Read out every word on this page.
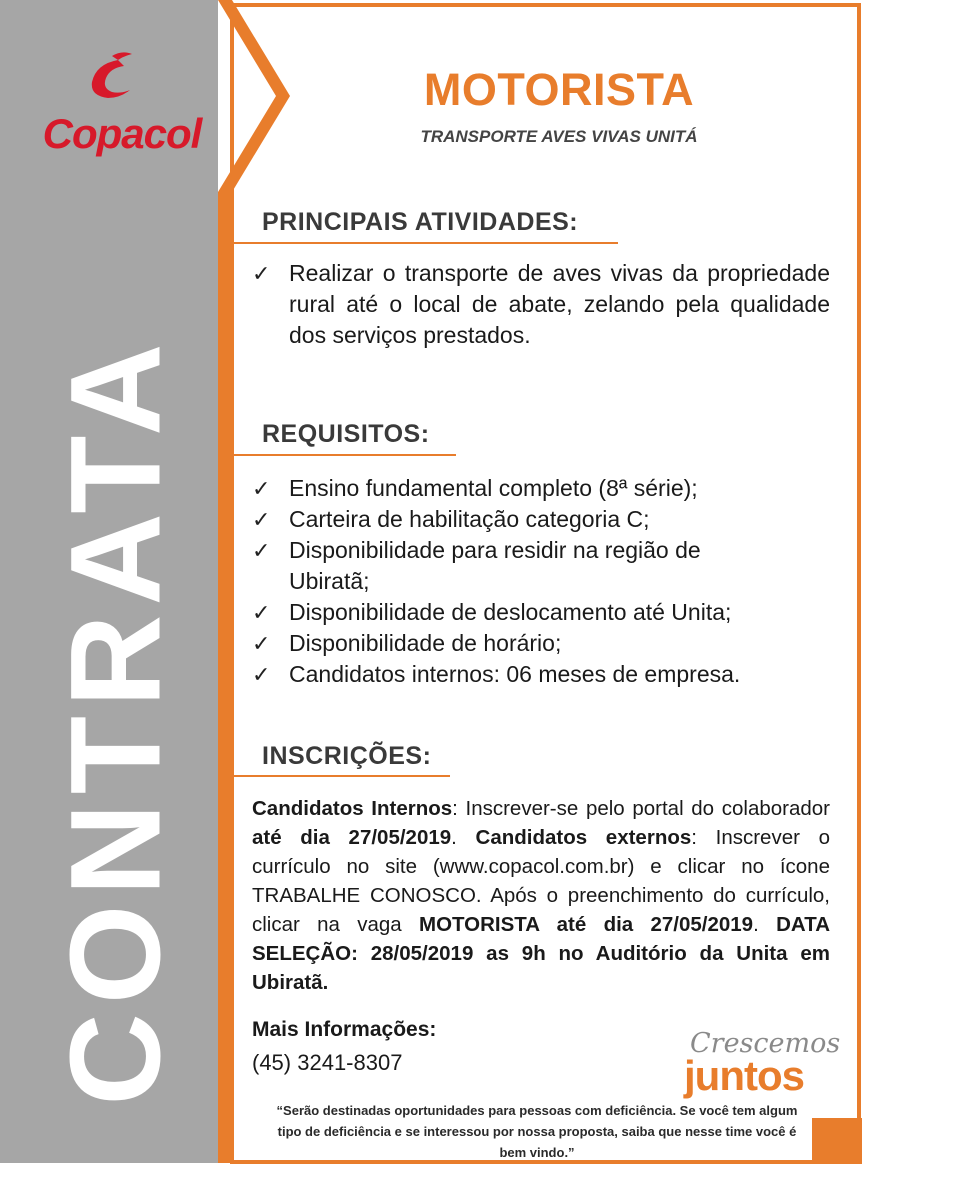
Copacol
CONTRATA
MOTORISTA
TRANSPORTE AVES VIVAS UNITÁ
PRINCIPAIS ATIVIDADES:
✓ Realizar o transporte de aves vivas da propriedade rural até o local de abate, zelando pela qualidade dos serviços prestados.
REQUISITOS:
✓ Ensino fundamental completo (8ª série);
✓ Carteira de habilitação categoria C;
✓ Disponibilidade para residir na região de Ubiratã;
✓ Disponibilidade de deslocamento até Unita;
✓ Disponibilidade de horário;
✓ Candidatos internos: 06 meses de empresa.
INSCRIÇÕES:

Candidatos Internos: Inscrever-se pelo portal do colaborador até dia 27/05/2019. Candidatos externos: Inscrever o currículo no site (www.copacol.com.br) e clicar no ícone TRABALHE CONOSCO. Após o preenchimento do currículo, clicar na vaga MOTORISTA até dia 27/05/2019. DATA SELEÇÃO: 28/05/2019 as 9h no Auditório da Unita em Ubiratã.

Mais Informações:
(45) 3241-8307
Crescemos
juntos
“Serão destinadas oportunidades para pessoas com deficiência. Se você tem algum tipo de deficiência e se interessou por nossa proposta, saiba que nesse time você é bem vindo.”
